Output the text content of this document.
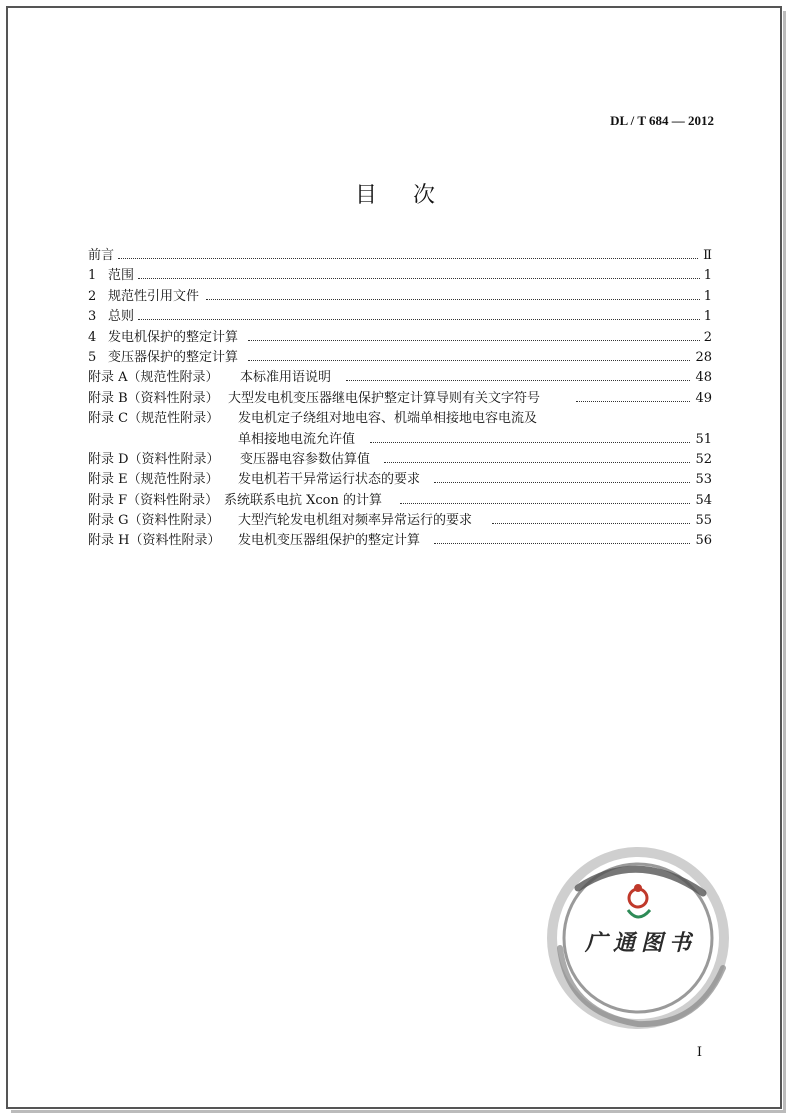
DL / T 684 — 2012
目次
前言	Ⅱ
1 范围	1
2 规范性引用文件	1
3 总则	1
4 发电机保护的整定计算	2
5 变压器保护的整定计算	28
附录 A（规范性附录） 本标准用语说明	48
附录 B（资料性附录） 大型发电机变压器继电保护整定计算导则有关文字符号	49
附录 C（规范性附录） 发电机定子绕组对地电容、机端单相接地电容电流及
单相接地电流允许值	51
附录 D（资料性附录） 变压器电容参数估算值	52
附录 E（规范性附录） 发电机若干异常运行状态的要求	53
附录 F（资料性附录） 系统联系电抗 Xcon 的计算	54
附录 G（资料性附录） 大型汽轮发电机组对频率异常运行的要求	55
附录 H（资料性附录） 发电机变压器组保护的整定计算	56
广通图书
I
